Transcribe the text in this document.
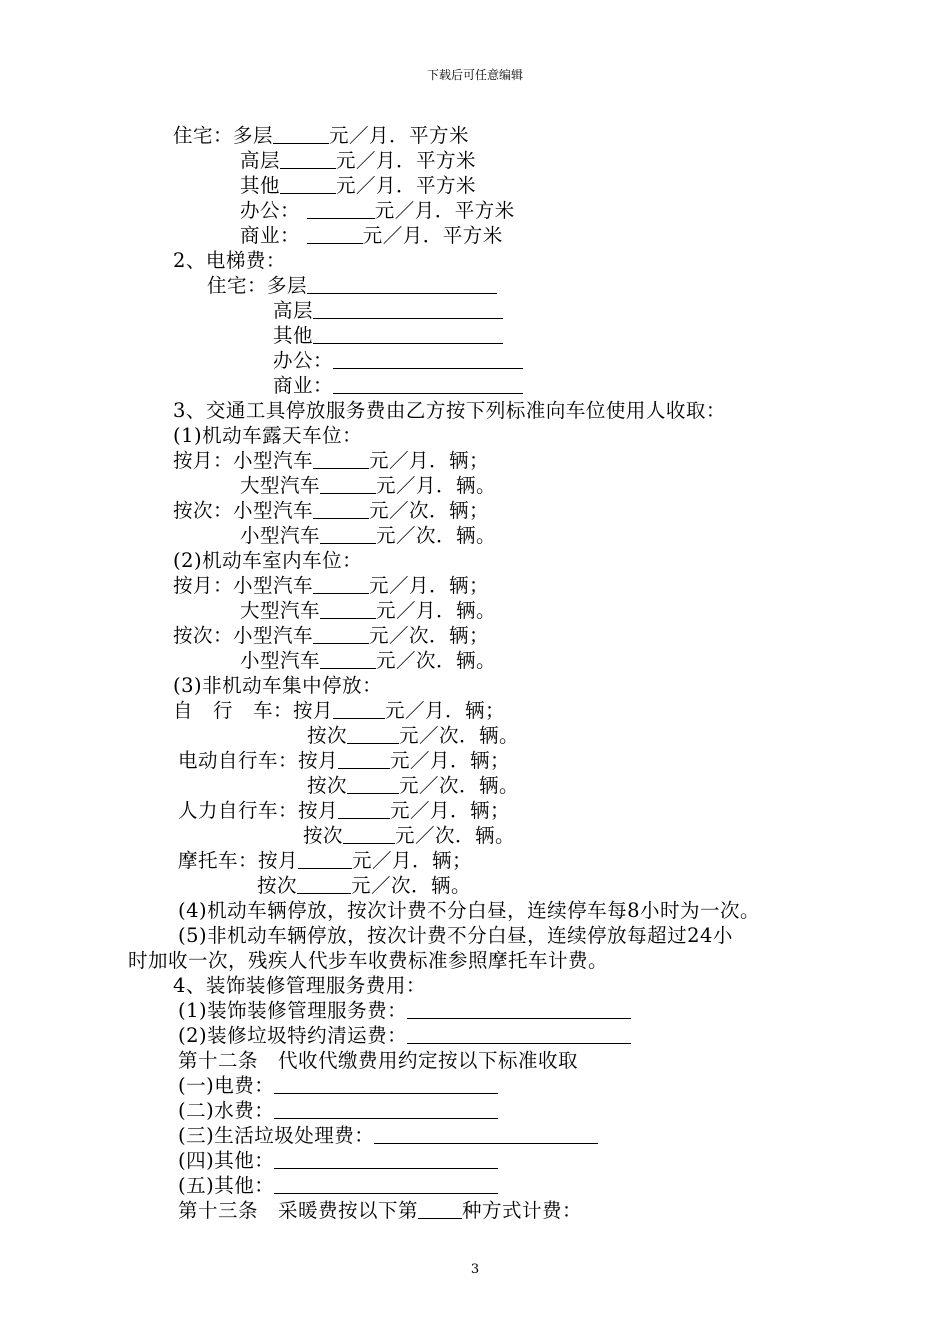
下载后可任意编辑
住宅：多层	元／月．平方米
高层	元／月．平方米
其他	元／月．平方米
办公：	元／月．平方米
商业：	元／月．平方米
2、电梯费：
住宅：多层
高层
其他
办公：
商业：
3、交通工具停放服务费由乙方按下列标准向车位使用人收取：
(1)机动车露天车位：
按月：小型汽车	元／月．辆；
大型汽车	元／月．辆。
按次：小型汽车	元／次．辆；
小型汽车	元／次．辆。
(2)机动车室内车位：
按月：小型汽车	元／月．辆；
大型汽车	元／月．辆。
按次：小型汽车	元／次．辆；
小型汽车	元／次．辆。
(3)非机动车集中停放：
自　行　车：按月	元／月．辆；
按次	元／次．辆。
电动自行车：按月	元／月．辆；
按次	元／次．辆。
人力自行车：按月	元／月．辆；
按次	元／次．辆。
摩托车：按月	元／月．辆；
按次	元／次．辆。
(4)机动车辆停放，按次计费不分白昼，连续停车每8小时为一次。
(5)非机动车辆停放，按次计费不分白昼，连续停放每超过24小
时加收一次，残疾人代步车收费标准参照摩托车计费。
4、装饰装修管理服务费用：
(1)装饰装修管理服务费：
(2)装修垃圾特约清运费：
第十二条　代收代缴费用约定按以下标准收取
(一)电费：
(二)水费：
(三)生活垃圾处理费：
(四)其他：
(五)其他：
第十三条　采暖费按以下第 种方式计费：
3
